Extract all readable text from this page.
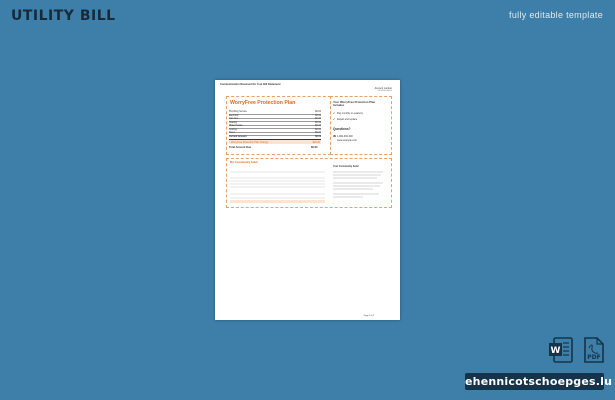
UTILITY BILL	fully editable template
Communication Received On Your Bill Statement
Account number
00-0000-0000-0
WorryFree Protection Plan
Plumbing Service	$0.00
Electrical	$0.00
Gas Line	$0.00
Heating	$0.00
Water Heater	$0.00
Cooling	$0.00
Taxes	$0.00
Current Amount	$0.00
WorryFree Protection Plan Change	$25.00
Total Amount Due	$0.00
Your WorryFree Protection Plan Includes
✔ Pay monthly or quarterly
✔ Repair and replace
Questions?
☎ 1-800-000-000
www.example.com
My Community Solar
Your Community Solar
Page 2 of 2
W
PDF
ehennicotschoepges.lu
